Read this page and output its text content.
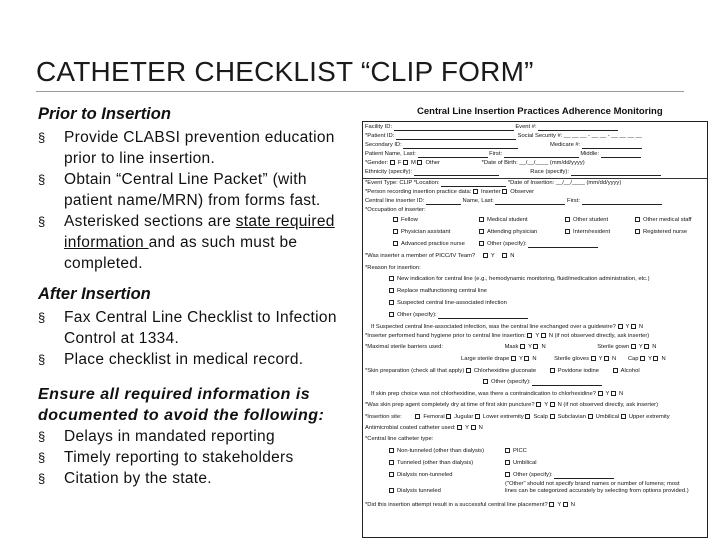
CATHETER CHECKLIST “CLIP FORM”
Prior to Insertion
§ Provide CLABSI prevention education prior to line insertion.
§ Obtain “Central Line Packet” (with patient name/MRN) from forms fast.
§ Asterisked sections are state required information and as such must be completed.
After Insertion
§ Fax Central Line Checklist to Infection Control at 1334.
§ Place checklist in medical record.
Ensure all required information is documented to avoid the following:
§ Delays in mandated reporting
§ Timely reporting to stakeholders
§ Citation by the state.
Central Line Insertion Practices Adherence Monitoring
Facility ID:	Event #:
*Patient ID:	Social Security #: __ __ __ - __ __ - __ __ __ __
Secondary ID:	Medicare #:
Patient Name, Last:	First:	Middle:
*Gender: F M Other	*Date of Birth: __/__/____ (mm/dd/yyyy)
Ethnicity (specify):	Race (specify):
*Event Type: CLIP *Location:	*Date of Insertion: __/__/____ (mm/dd/yyyy)
*Person recording insertion practice data: Inserter Observer
Central line inserter ID:	Name, Last:	First:
*Occupation of inserter:
Fellow	Medical student	Other student	Other medical staff
Physician assistant	Attending physician	Intern/resident	Registered nurse
Advanced practice nurse	Other (specify):
*Was inserter a member of PICC/IV Team?	Y	N
*Reason for insertion:
New indication for central line (e.g., hemodynamic monitoring, fluid/medication administration, etc.)
Replace malfunctioning central line
Suspected central line-associated infection
Other (specify):
If Suspected central line-associated infection, was the central line exchanged over a guidewire? Y N
*Inserter performed hand hygiene prior to central line insertion: Y N (if not observed directly, ask inserter)
*Maximal sterile barriers used:	Mask Y N	Sterile gown Y N
Large sterile drape Y N	Sterile gloves Y N Cap Y N
*Skin preparation (check all that apply) Chlorhexidine gluconate	Povidone iodine	Alcohol
Other (specify):
If skin prep choice was not chlorhexidine, was there a contraindication to chlorhexidine? Y N
*Was skin prep agent completely dry at time of first skin puncture? Y N (if not observed directly, ask inserter)
*Insertion site:	Femoral Jugular Lower extremity Scalp Subclavian Umbilical Upper extremity
Antimicrobial coated catheter used: Y N
*Central line catheter type:
Non-tunneled (other than dialysis)	PICC
Tunneled (other than dialysis)	Umbilical
Dialysis non-tunneled	Other (specify):
("Other" should not specify brand names or number of lumens; most
Dialysis tunneled	lines can be categorized accurately by selecting from options provided.)
*Did this insertion attempt result in a successful central line placement? Y N
